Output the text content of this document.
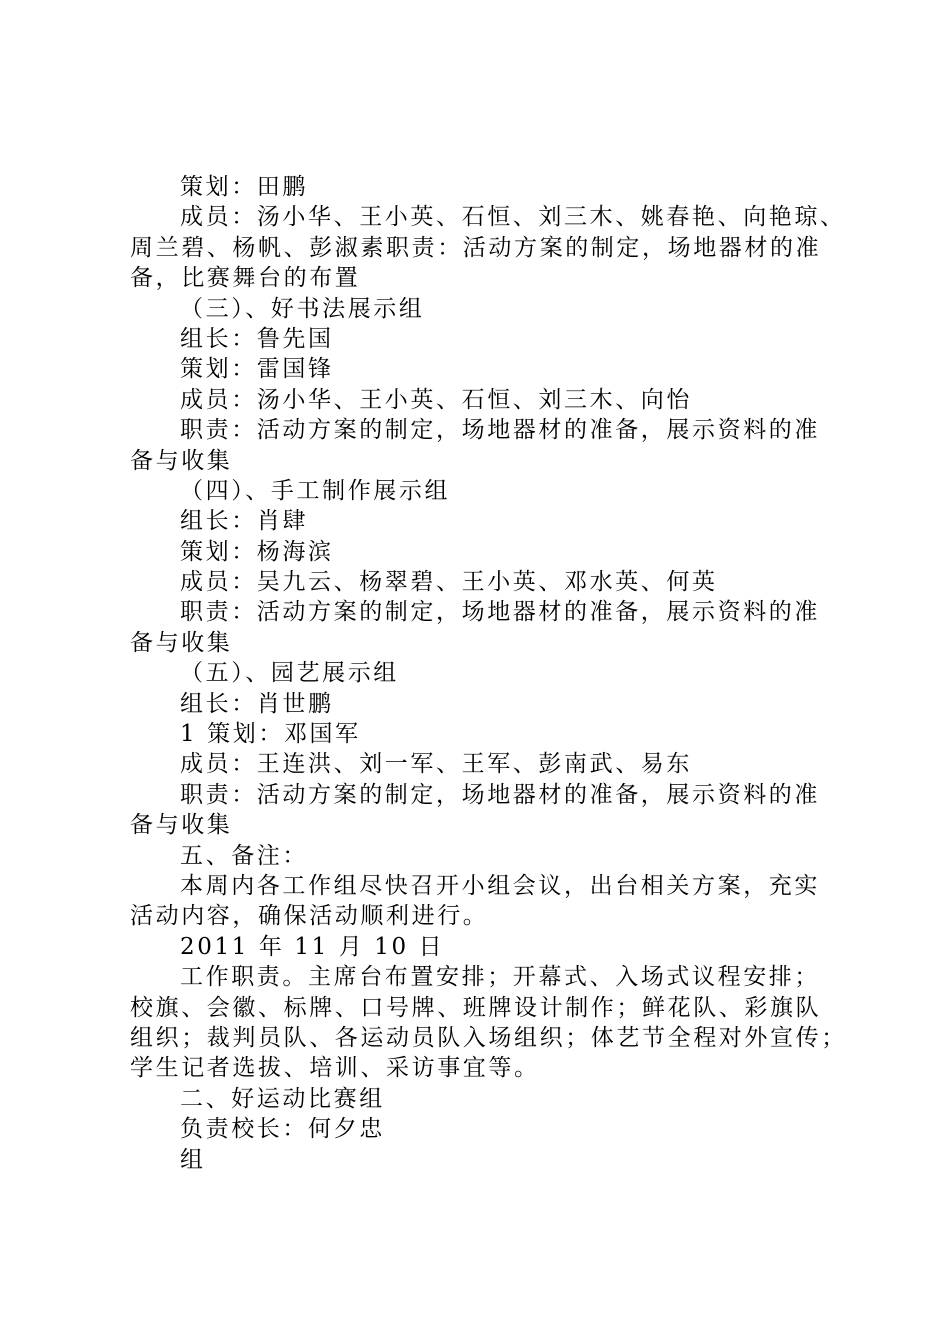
策划：田鹏
成员：汤小华、王小英、石恒、刘三木、姚春艳、向艳琼、
周兰碧、杨帆、彭淑素职责：活动方案的制定，场地器材的准
备，比赛舞台的布置
（三）、好书法展示组
组长：鲁先国
策划：雷国锋
成员：汤小华、王小英、石恒、刘三木、向怡
职责：活动方案的制定，场地器材的准备，展示资料的准
备与收集
（四）、手工制作展示组
组长：肖肆
策划：杨海滨
成员：吴九云、杨翠碧、王小英、邓水英、何英
职责：活动方案的制定，场地器材的准备，展示资料的准
备与收集
（五）、园艺展示组
组长：肖世鹏
1 策划：邓国军
成员：王连洪、刘一军、王军、彭南武、易东
职责：活动方案的制定，场地器材的准备，展示资料的准
备与收集
五、备注：
本周内各工作组尽快召开小组会议，出台相关方案，充实
活动内容，确保活动顺利进行。
2011 年 11 月 10 日
工作职责。主席台布置安排；开幕式、入场式议程安排；
校旗、会徽、标牌、口号牌、班牌设计制作；鲜花队、彩旗队
组织；裁判员队、各运动员队入场组织；体艺节全程对外宣传；
学生记者选拔、培训、采访事宜等。
二、好运动比赛组
负责校长：何夕忠
组
